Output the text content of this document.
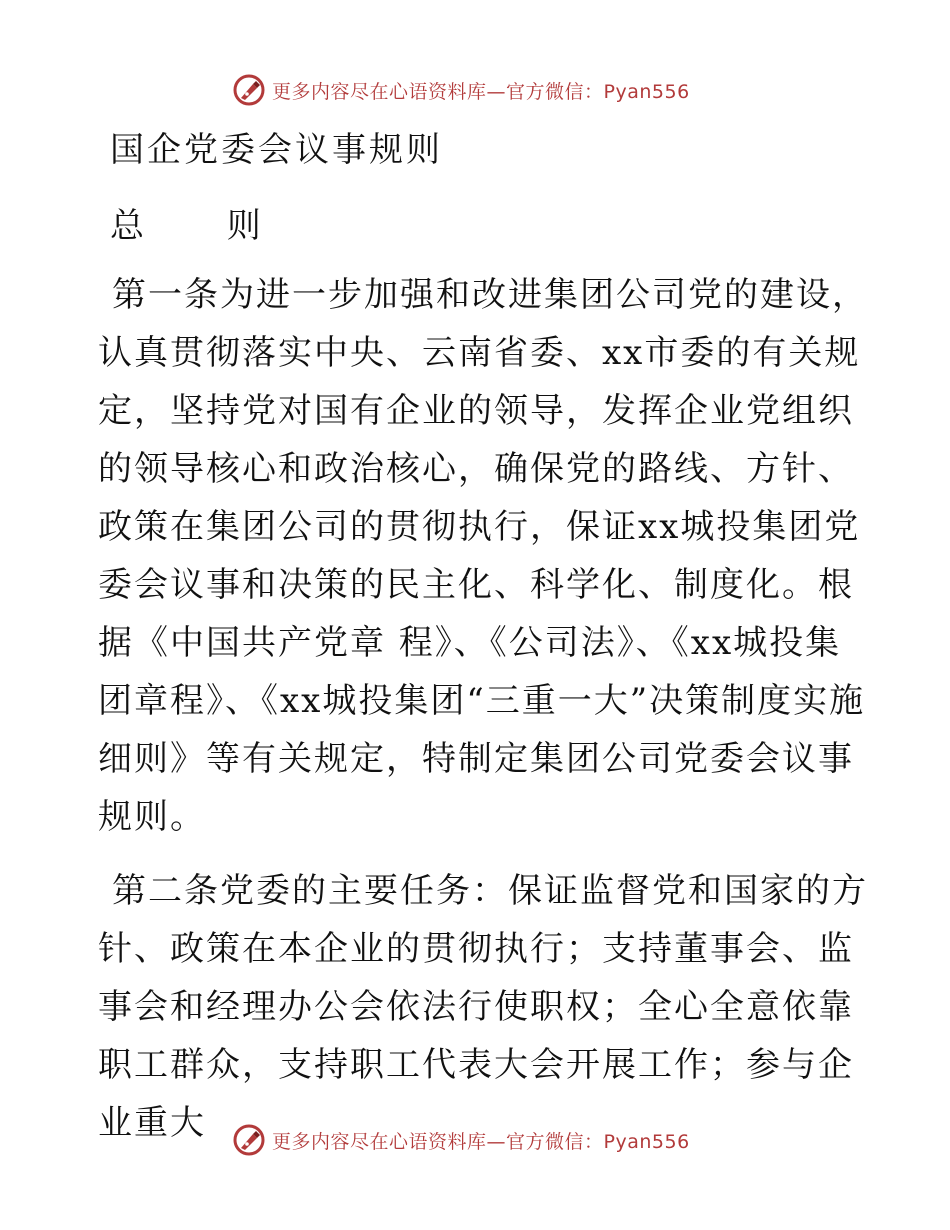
更多内容尽在心语资料库—官方微信：Pyan556
国企党委会议事规则
总 则

第一条为进一步加强和改进集团公司党的建设，认真贯彻落实中央、云南省委、xx市委的有关规定，坚持党对国有企业的领导，发挥企业党组织的领导核心和政治核心，确保党的路线、方针、政策在集团公司的贯彻执行，保证xx城投集团党委会议事和决策的民主化、科学化、制度化。根据《中国共产党章 程》、《公司法》、《xx城投集团章程》、《xx城投集团“三重一大”决策制度实施细则》等有关规定，特制定集团公司党委会议事规则。

第二条党委的主要任务：保证监督党和国家的方针、政策在本企业的贯彻执行；支持董事会、监事会和经理办公会依法行使职权；全心全意依靠职工群众，支持职工代表大会开展工作；参与企业重大	更多内容尽在心语资料库—官方微信：Pyan556
